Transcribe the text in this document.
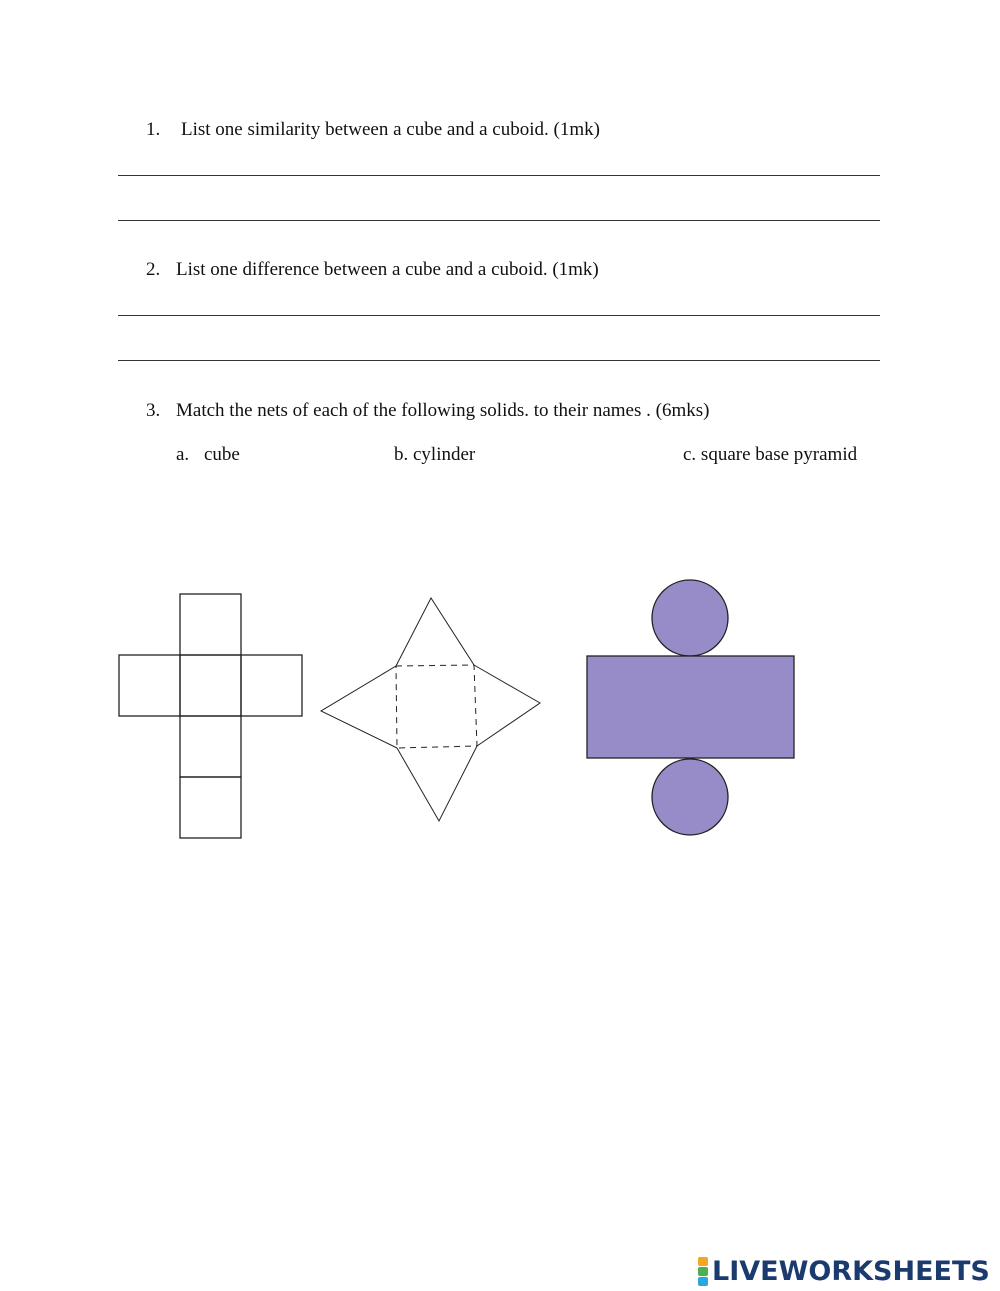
1. List one similarity between a cube and a cuboid. (1mk)
2. List one difference between a cube and a cuboid. (1mk)
3. Match the nets of each of the following solids. to their names . (6mks)
a. cube	b. cylinder	c. square base pyramid
LIVEWORKSHEETS
